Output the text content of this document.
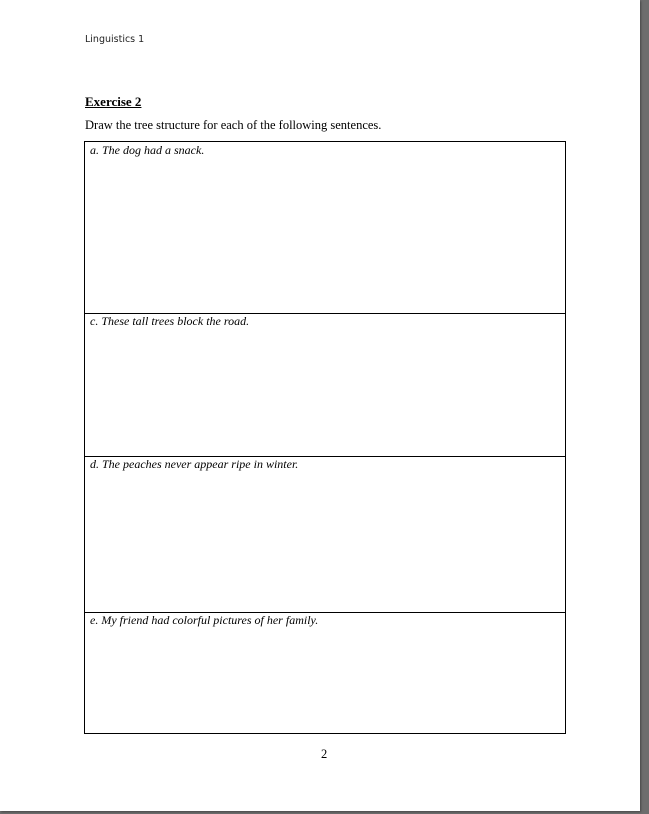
Linguistics 1
Exercise 2
Draw the tree structure for each of the following sentences.
a. The dog had a snack.
c. These tall trees block the road.
d. The peaches never appear ripe in winter.
e. My friend had colorful pictures of her family.
2
